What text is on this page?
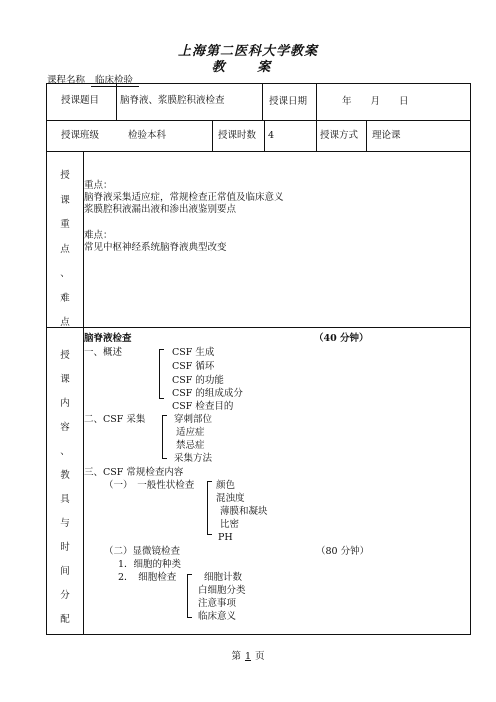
上海第二医科大学教案
教 案
课程名称 临床检验
授课题目 脑脊液、浆膜腔积液检查	授课日期	年　　月　　日
授课班级	检验本科	授课时数 4	授课方式 理论课
授
课
重
点
、
难
点
重点：
脑脊液采集适应症，常规检查正常值及临床意义
浆膜腔积液漏出液和渗出液鉴别要点
难点：
常见中枢神经系统脑脊液典型改变
授
课
内
容
、
教
具
与
时
间
分
配
脑脊液检查	（40 分钟）
一、概述	CSF 生成
CSF 循环
CSF 的功能
CSF 的组成成分
二、CSF 采集
CSF 检查目的
穿刺部位
适应症
禁忌症
采集方法
三、CSF 常规检查内容
（一）　一般性状检查 颜色
混浊度
薄膜和凝块
比密
PH
（二）显微镜检查	（80 分钟）
1．细胞的种类
2．　细胞检查	细胞计数
白细胞分类
注意事项
临床意义
第 1 页
